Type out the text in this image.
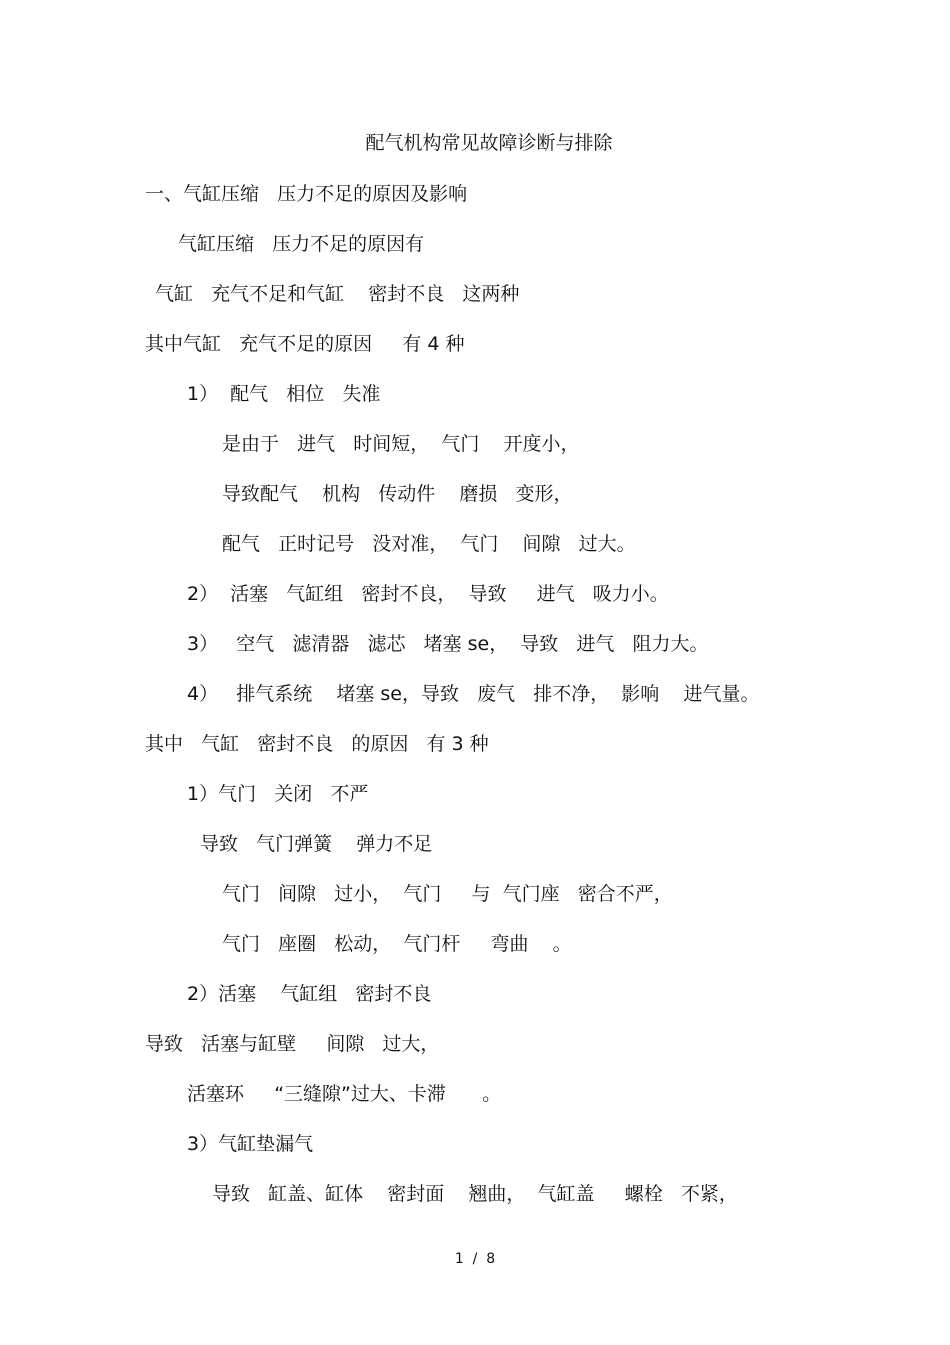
配气机构常见故障诊断与排除
一、气缸压缩   压力不足的原因及影响
气缸压缩   压力不足的原因有
气缸   充气不足和气缸    密封不良   这两种
其中气缸   充气不足的原因     有 4 种
1）  配气   相位   失准
是由于   进气   时间短，  气门    开度小，
导致配气    机构   传动件    磨损   变形，
配气   正时记号   没对准，  气门    间隙   过大。
2）  活塞   气缸组   密封不良，  导致     进气   吸力小。
3）   空气   滤清器   滤芯   堵塞 se，  导致   进气   阻力大。
4）   排气系统    堵塞 se，导致   废气   排不净，  影响    进气量。
其中   气缸   密封不良   的原因   有 3 种
1）气门   关闭   不严
导致   气门弹簧    弹力不足
气门   间隙   过小，  气门     与  气门座   密合不严，
气门   座圈   松动，  气门杆     弯曲    。
2）活塞    气缸组   密封不良
导致   活塞与缸壁     间隙   过大，
活塞环     “三缝隙”过大、卡滞      。
3）气缸垫漏气
导致   缸盖、缸体    密封面    翘曲，  气缸盖     螺栓   不紧，
1  /  8
